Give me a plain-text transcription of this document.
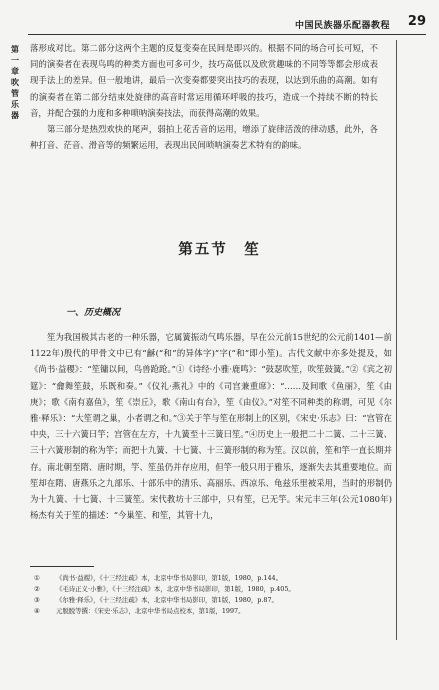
中国民族器乐配器教程 29
第一章 吹管乐器

落形成对比。第二部分这两个主题的反复变奏在民间是即兴的。根据不同的场合可长可短，不同的演奏者在表现鸟鸣的种类方面也可多可少，技巧高低以及欣赏趣味的不同等等都会形成表现手法上的差异。但一般地讲，最后一次变奏都要突出技巧的表现，以达到乐曲的高潮。如有的演奏者在第二部分结束处旋律的高音时常运用循环呼吸的技巧，造成一个持续不断的特长音，并配合强的力度和多种唢呐演奏技法，而获得高潮的效果。

第三部分是热烈欢快的尾声，弱拍上花舌音的运用，增添了旋律活泼的律动感，此外，各种打音、茫音、滑音等的频繁运用，表现出民间唢呐演奏艺术特有的韵味。

第五节　笙
一、历史概况

笙为我国极其古老的一种乐器，它属簧振动气鸣乐器，早在公元前15世纪的公元前1401—前1122年)殷代的甲骨文中已有“龢(“和”的异体字)”字(“和”即小笙)。古代文献中亦多处提及，如《尚书·益稷》：“笙镛以间，鸟兽跄跄。”①《诗经·小雅·鹿鸣》：“鼓瑟吹笙，吹笙鼓簧。”②《宾之初筵》：“龠舞笙鼓，乐既和奏。”《仪礼·燕礼》中的《司宫兼重席》：“……及间歌《鱼丽》，笙《由庚》；歌《南有嘉鱼》，笙《崇丘》，歌《南山有台》，笙《由仪》。”对笙不同种类的称谓，可见《尔雅·释乐》：“大笙谓之巢，小者谓之和。”③关于竽与笙在形制上的区别，《宋史·乐志》曰：“宫管在中央，三十六簧曰竽；宫管在左方，十九簧至十三簧曰笙。”④历史上一般把二十二簧、二十三簧、三十六簧形制的称为竽；而把十九簧、十七簧、十三簧形制的称为笙。汉以前，笙和竽一直长期并存。南北朝至隋、唐时期，竽、笙虽仍并存应用，但竽一般只用于雅乐，逐渐失去其重要地位。而笙却在隋、唐燕乐之九部乐、十部乐中的清乐、高丽乐、西凉乐、龟兹乐里被采用，当时的形制仍为十九簧、十七簧、十三簧笙。宋代教坊十三部中，只有笙，已无竽。宋元丰三年(公元1080年)杨杰有关于笙的描述：“今巢笙、和笙，其管十九，

①	《尚书·益稷》，《十三经注疏》本，北京中华书局影印，第1版，1980，p.144。
②	《毛诗正义·小雅》，《十三经注疏》本，北京中华书局影印，第1版，1980，p.405。
③	《尔雅·释乐》，《十三经注疏》本，北京中华书局影印，第1版，1980，p.87。
④	元脱脱等撰：《宋史·乐志》，北京中华书局点校本，第1版，1997。
